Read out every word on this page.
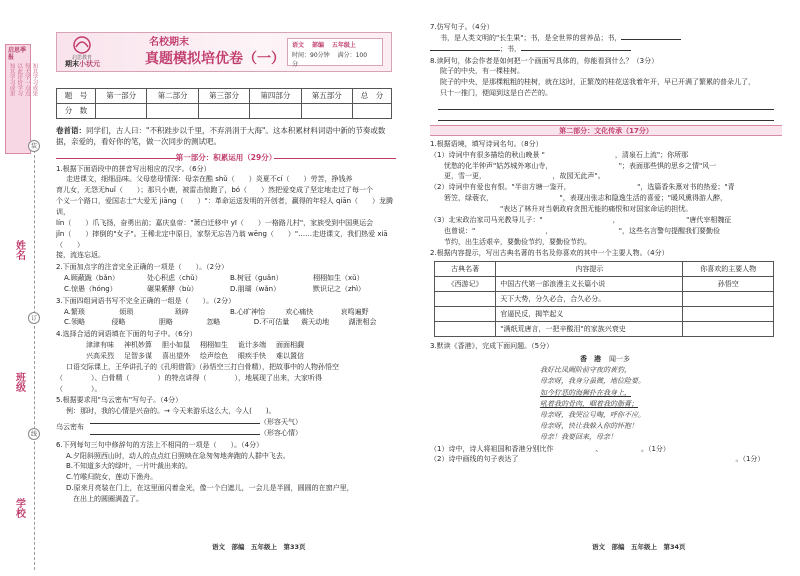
启思季报
知其学习成果 以此评价学习 每天学一点点 知其学习成果
装
订
线
姓名
班级
学校
启思教育
期末小状元
名校期末
真题模拟培优卷（一）
语文 部编 五年级上
时间：90分钟 满分：100分
题　号	第一部分	第二部分	第三部分	第四部分	第五部分	总　分
分　数						
卷首语：同学们，古人曰："不积跬步以千里，不弃涓涓于大海"。这本积累材料词语中新的节奏或数据，亲爱的，看好你的笔，做一次同步的测试吧。
第一部分：积累运用（29分）
1.根据下面语段中的拼音写出相应的汉字。（6分）
走进课文，细细品味。父母慈母情深：母亲在酷 shǔ（　　）炎夏不cí（　　）劳苦，挣钱养
育儿女，无怨无huǐ（　　）；那只小鹿，被雷击惊跑了，bó（　　）然把爱变成了坚定地走过了每一个
个义一个路口，爱国志士"大爱无 jiāng（　　）"：革命运送发明的开创者，赢得的年轻人 qiān（　　）龙腾训，
lín（　　）爪飞扬，奋勇出前；嘉庆皇帝："萧白迁移中 yī（　　）一格路儿村"，家族受到中国奥运会
jǐn（　　）摔倒的"女子"。王稀北定中原日，家祭无忘告乃翁 wēng（　　）"……走进课文，我们热爱 xiā（　　）
接，流连忘返。
2.下面加点字的注音完全正确的一项是（　　）。（2分）
A.顾蔽跪（bǎn）	处心积虑（chǔ）	B.树冠（guǎn）	栩栩如生（xǔ）
C.惊愚（hóng）	碾果紫酵（bù）	D.朋瑚（wǎn）	默识记之（zhì）
3.下面四组词语书写不完全正确的一组是（　　）。（2分）
A.繁琐	烦琐	琐碎	B.心旷神怡	欢心痛快	哀鸣遍野
C.领略	侵略	胆略	忽略	D.不可估量	震天动地	湖泄相会
4.选择合适的词语填在下面的句子中。（6分）
津津有味 神机妙算 胆小如鼠 栩栩如生 诡计多端 面面相觑
兴高采烈 足智多谋 喜出望外 绘声绘色 眼疾手快 难以置信
口语交际课上，王华讲孔子的《孔明借箭》（孙悟空三打白骨精），把故事中的人物孙悟空
（　　　　）、白骨精（　　　　）的特点讲得（　　　　），地展现了出来，大家听得
（　　　　）。
5.根据要求用"乌云密布"写句子。（4分）
例：那时，我的心情是兴奋的。→ 今天来游乐这么大，今人(　　)。
乌云密布
（形容天气）
（形容心情）
6.下列每句三句中修辞句的方法上不相同的一项是（　　）。（4分）
A.夕阳斜照西山时，动人的点点红日照映在急匆匆地奔跑的人群中飞去。
B.不知道多大的绿叶，一片叶裁出来的。
C.竹喉归院女，莲动下渔舟。
D.原来月亮装在门上，在这里面闪着金光，像一个白遮儿，一会儿是半圆，圆圆的在窗户里，
　在出上的圆圈满盈了。
语文　部编　五年级上　第33页
7.仿写句子。（4分）
书，是人类文明的"长生果"；书，是全世界的营养品；书，
；书，
8.读阿句，体会作者是如何把一个画面写具体的，你能看到什么？（3分）
院子的中央，有一棵桂树。
院子的中央，是那棵粗粗的桂树，就在这时，正繁茂的桂花送我着年开，早已开满了繁累的普朵儿了，
只十一推门，便闻到这是白芒芒的。
第二部分：文化传承（17分）
1.根据语境，填写诗词名句。（8分）
（1）诗词中有很多描绘的秋山晚景 "　　　　　　　　　　，清泉石上流"；你所那
　　忧愁的化半钟声"姑苏城外寒山寺，　　　　　　　　　　"；表面那些惧的思乡之情"风一
　　更，雪一更，　　　　　　　　　　，故园无此声"。
（2）诗词中有爱也有恨。"半亩方塘一鉴开，　　　　　　　　　　"，选篇香朱熹对书的热爱；"青
　　箬笠，绿蓑衣，　　　　　　　　　　"，表现出张志和隐逸生活的喜爱；"暖风熏得游人醉，
　　　　　　　　　　"表达了林升对当朝政府贪图无能的痛恨和对国家命运的担忧。
（3）北宋政治家司马光教导儿子："　　　　　　　　　　，　　　　　　　　　　"唐代宰相魏征
　　也曾说："　　　　　　　　　　，　　　　　　　　　　"，这些名言警句提醒我们要勤俭
　　节约，出生活艰辛，要勤俭节约，要勤俭节约。
2.根据内容提示，写出古典名著的书名及你喜欢的其中一个主要人物。（4分）
古典名著	内容提示	你喜欢的主要人物
《西游记》	中国古代第一部浪漫主义长篇小说	孙悟空
	天下大势，分久必合，合久必分。	
	官逼民反，揭竿起义	
	"满纸荒唐言，一把辛酸泪"的家族兴衰史	
3.默读《香港》，完成下面问题。（5分）
香　港 闻一多
我好比凤阙阶前守夜的黄豹，
母亲呀，我身分虽微，地位险要。
如今狞恶的海狮扑在我身上，
吼着我的骨肉，咽着我的脂膏；
母亲呀，我哭泣号啕，呼你不应。
母亲呀，快让我躲入你的怀抱！
母亲！我要回来，母亲！
（1）诗中，诗人将祖国和香港分别比作　　　　　　、　　　　　　。（1分）
（2）诗中画线的句子表达了　　　　　　　　　　　　　　　　　　　　　　　　　　　　　　　。（1分）
语文　部编　五年级上　第34页
